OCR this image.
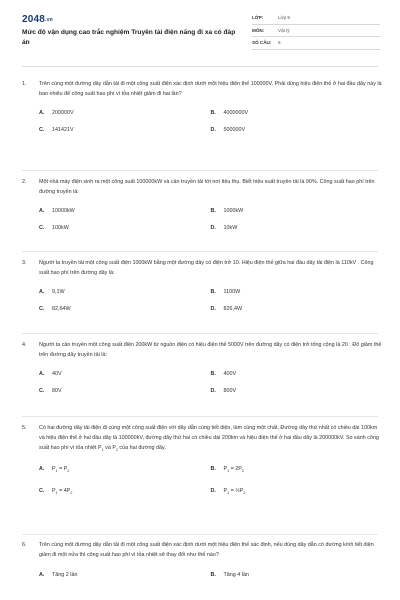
2048.vn
Mức độ vận dụng cao trắc nghiệm Truyền tải điện năng đi xa có đáp án
LỚP:	Lớp 9
MÔN:	Vật lý
SỐ CÂU:	6
1.	Trên cùng một đường dây dẫn tải đi một công suất điện xác định dưới một hiệu điện thế 100000V. Phải dùng hiệu điện thế ở hai đầu dây này là bao nhiêu để công suất hao phí vì tỏa nhiệt giảm đi hai lần?
A.	200000V	B.	4000000V
C.	141421V	D.	500000V
2.	Một nhà máy điện sinh ra một công suất 100000kW và cần truyền tải tới nơi tiêu thụ. Biết hiệu suất truyền tải là 90%. Công suất hao phí trên đường truyền là:
A.	10000kW	B.	1000kW
C.	100kW	D.	10kW
3.	Người ta truyền tải một công suất điện 1000kW bằng một đường dây có điện trở 10. Hiệu điện thế giữa hai đầu dây tải điện là 110kV . Công suất hao phí trên đường dây là:
A.	9,1W	B.	1100W
C.	82,64W	D.	826,4W
4.	Người ta cần truyền một công suất điện 200kW từ nguồn điện có hiệu điện thế 5000V trên đường dây có điện trở tổng cộng là 20 . Độ giảm thế trên đường dây truyền tải là:
A.	40V	B.	400V
C.	80V	D.	800V
5.	Có hai đường dây tải điện đi cùng một công suất điện với dây dẫn cùng tiết diện, làm cùng một chất. Đường dây thứ nhất có chiều dài 100km và hiệu điện thế ở hai đầu dây là 100000kV, đường dây thứ hai có chiều dài 200km và hiệu điện thế ở hai đầu dây là 200000kV. So sánh công suất hao phí vì tỏa nhiệt $P_1$ và $P_2$ của hai đường dây.
A.	$P_1 = P_2$	B.	$P_1 = 2P_2$
C.	$P_1 = 4P_2$	D.	$P_1$ = $\frac{1}{2}P_2$
6.	Trên cùng một đường dây dẫn tải đi một công suất điện xác định dưới một hiệu điện thế xác định, nếu dùng dây dẫn có đường kính tiết diện giảm đi một nửa thì công suất hao phí vì tỏa nhiệt sẽ thay đổi như thế nào?
A.	Tăng 2 lần	B.	Tăng 4 lần
